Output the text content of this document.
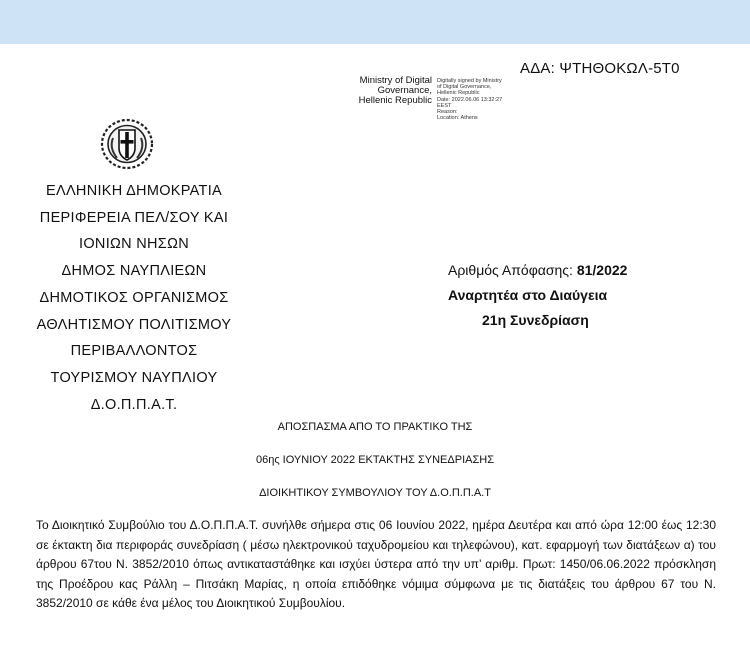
ΑΔΑ: ΨΤΗΘΟΚΩΛ-5Τ0
Ministry of Digital
Governance,
Hellenic Republic
Digitally signed by Ministry
of Digital Governance,
Hellenic Republic
Date: 2022.06.06 13:32:27
EEST
Reason:
Location: Athens
ΕΛΛΗΝΙΚΗ ΔΗΜΟΚΡΑΤΙΑ
ΠΕΡΙΦΕΡΕΙΑ ΠΕΛ/ΣΟΥ ΚΑΙ
ΙΟΝΙΩΝ ΝΗΣΩΝ
ΔΗΜΟΣ ΝΑΥΠΛΙΕΩΝ
ΔΗΜΟΤΙΚΟΣ ΟΡΓΑΝΙΣΜΟΣ
ΑΘΛΗΤΙΣΜΟΥ ΠΟΛΙΤΙΣΜΟΥ
ΠΕΡΙΒΑΛΛΟΝΤΟΣ
ΤΟΥΡΙΣΜΟΥ ΝΑΥΠΛΙΟΥ
Δ.Ο.Π.Π.Α.Τ.
Αριθμός Απόφασης: 81/2022
Αναρτητέα στο Διαύγεια
21η Συνεδρίαση
ΑΠΟΣΠΑΣΜΑ ΑΠΟ ΤΟ ΠΡΑΚΤΙΚΟ ΤΗΣ
06ης ΙΟΥΝΙΟΥ 2022 ΕΚΤΑΚΤΗΣ ΣΥΝΕΔΡΙΑΣΗΣ
ΔΙΟΙΚΗΤΙΚΟΥ ΣΥΜΒΟΥΛΙΟΥ ΤΟΥ Δ.Ο.Π.Π.Α.Τ
Το Διοικητικό Συμβούλιο του Δ.Ο.Π.Π.Α.Τ. συνήλθε σήμερα στις 06 Ιουνίου 2022, ημέρα Δευτέρα και από ώρα 12:00 έως 12:30 σε έκτακτη δια περιφοράς συνεδρίαση ( μέσω ηλεκτρονικού ταχυδρομείου και τηλεφώνου), κατ. εφαρμογή των διατάξεων α) του άρθρου 67του Ν. 3852/2010 όπως αντικαταστάθηκε και ισχύει ύστερα από την υπ’ αριθμ. Πρωτ: 1450/06.06.2022 πρόσκληση της Προέδρου κας Ράλλη – Πιτσάκη Μαρίας, η οποία επιδόθηκε νόμιμα σύμφωνα με τις διατάξεις του άρθρου 67 του Ν. 3852/2010 σε κάθε ένα μέλος του Διοικητικού Συμβουλίου.
